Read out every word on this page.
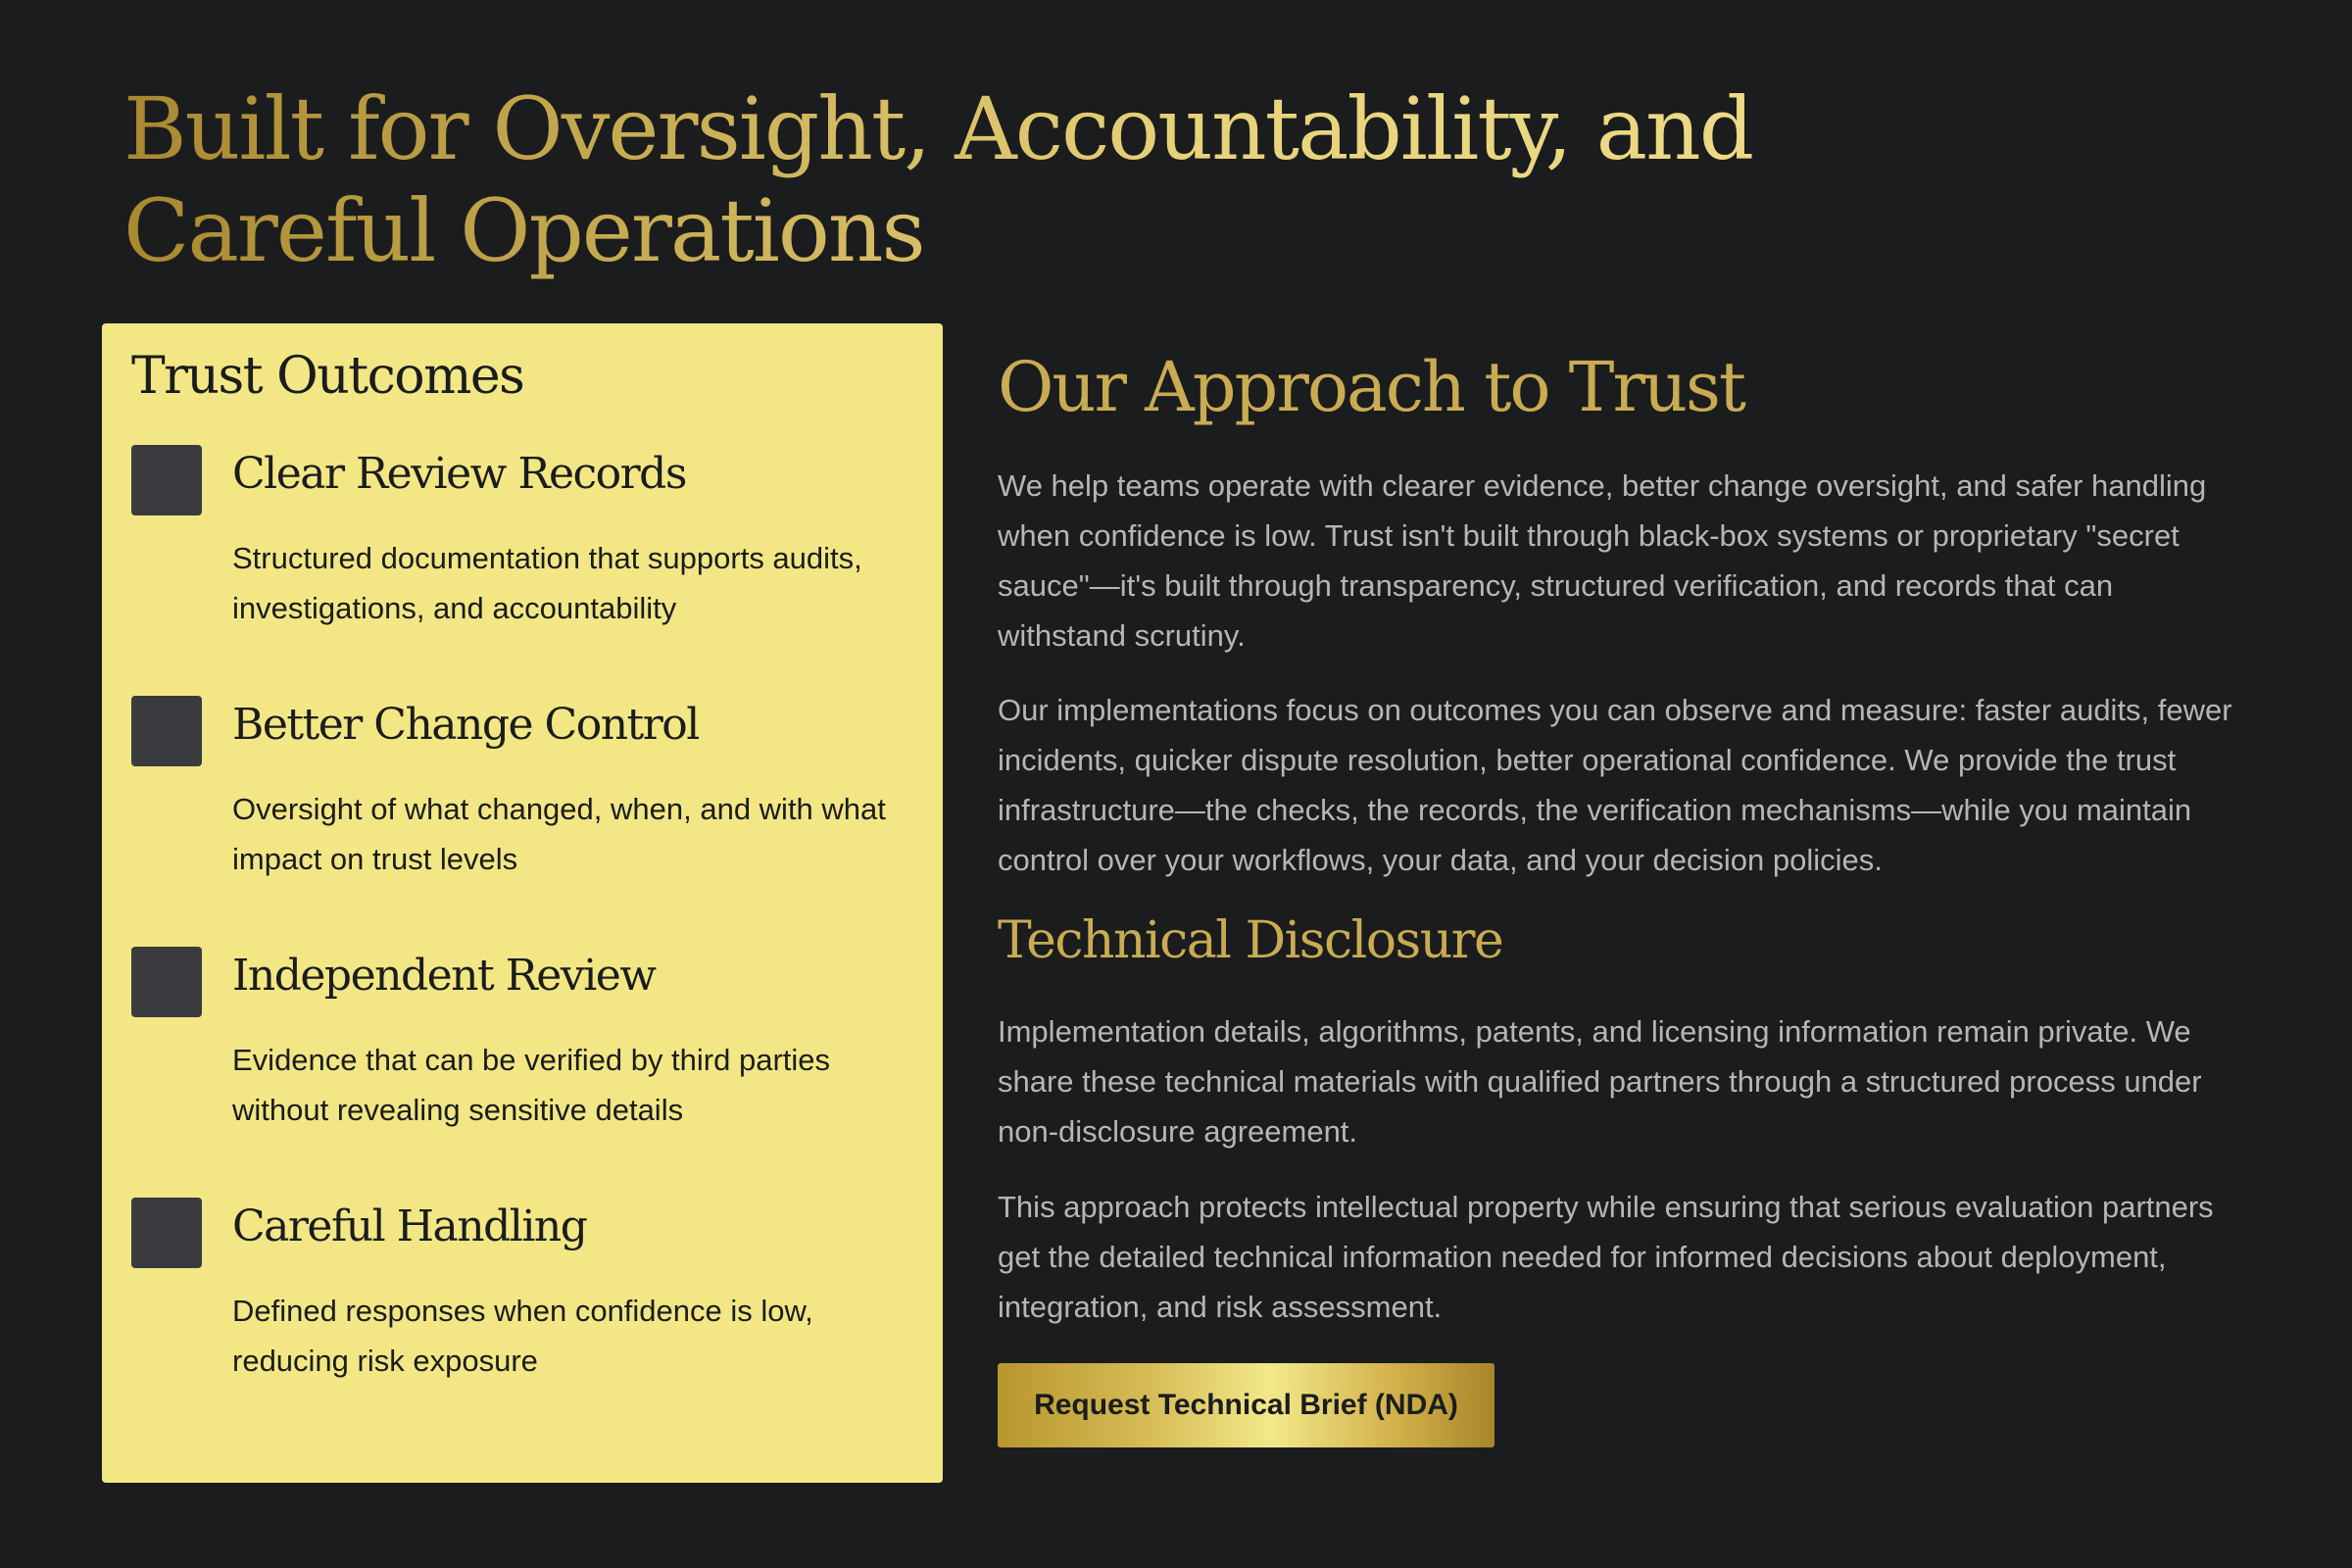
Built for Oversight, Accountability, and Careful Operations
Trust Outcomes
Clear Review Records
Structured documentation that supports audits, investigations, and accountability
Better Change Control
Oversight of what changed, when, and with what impact on trust levels
Independent Review
Evidence that can be verified by third parties without revealing sensitive details
Careful Handling
Defined responses when confidence is low, reducing risk exposure
Our Approach to Trust

We help teams operate with clearer evidence, better change oversight, and safer handling when confidence is low. Trust isn't built through black-box systems or proprietary "secret sauce"—it's built through transparency, structured verification, and records that can withstand scrutiny.

Our implementations focus on outcomes you can observe and measure: faster audits, fewer incidents, quicker dispute resolution, better operational confidence. We provide the trust infrastructure—the checks, the records, the verification mechanisms—while you maintain control over your workflows, your data, and your decision policies.

Technical Disclosure

Implementation details, algorithms, patents, and licensing information remain private. We share these technical materials with qualified partners through a structured process under non-disclosure agreement.

This approach protects intellectual property while ensuring that serious evaluation partners get the detailed technical information needed for informed decisions about deployment, integration, and risk assessment.

Request Technical Brief (NDA)
